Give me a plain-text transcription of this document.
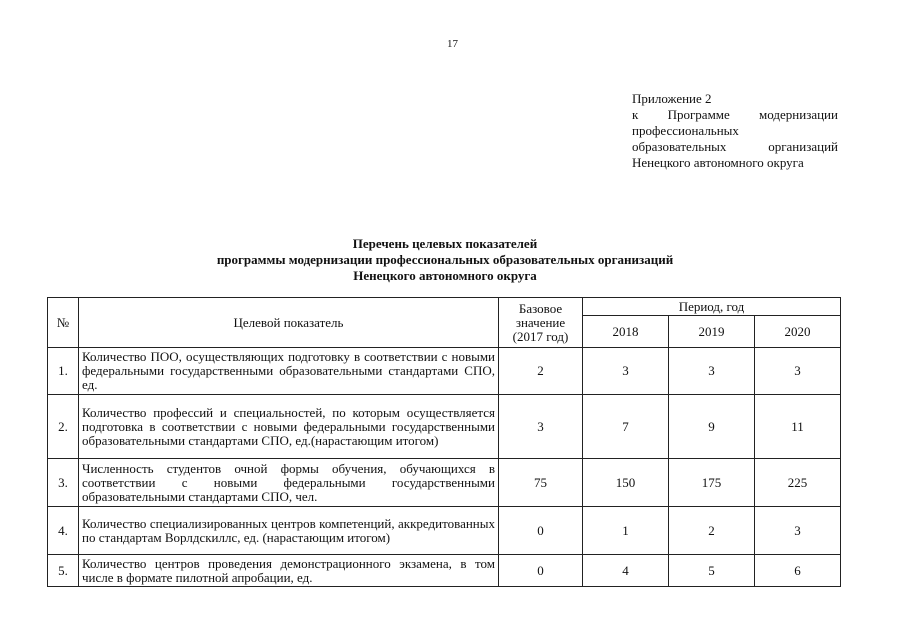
17
Приложение 2
к Программе модернизации
профессиональных
образовательных	организаций
Ненецкого автономного округа
Перечень целевых показателей
программы модернизации профессиональных образовательных организаций
Ненецкого автономного округа
№	Целевой показатель	Базовое значение (2017 год)	Период, год		
			2018	2019	2020
1.	Количество ПОО, осуществляющих подготовку в соответствии с новыми федеральными государственными образовательными стандартами СПО, ед.	2	3	3	3
2.	Количество профессий и специальностей, по которым осуществляется подготовка в соответствии с новыми федеральными государственными образовательными стандартами СПО, ед.(нарастающим итогом)	3	7	9	11
3.	Численность студентов очной формы обучения, обучающихся в соответствии с новыми федеральными государственными образовательными стандартами СПО, чел.	75	150	175	225
4.	Количество специализированных центров компетенций, аккредитованных по стандартам Ворлдскиллс, ед. (нарастающим итогом)	0	1	2	3
5.	Количество центров проведения демонстрационного экзамена, в том числе в формате пилотной апробации, ед.	0	4	5	6
